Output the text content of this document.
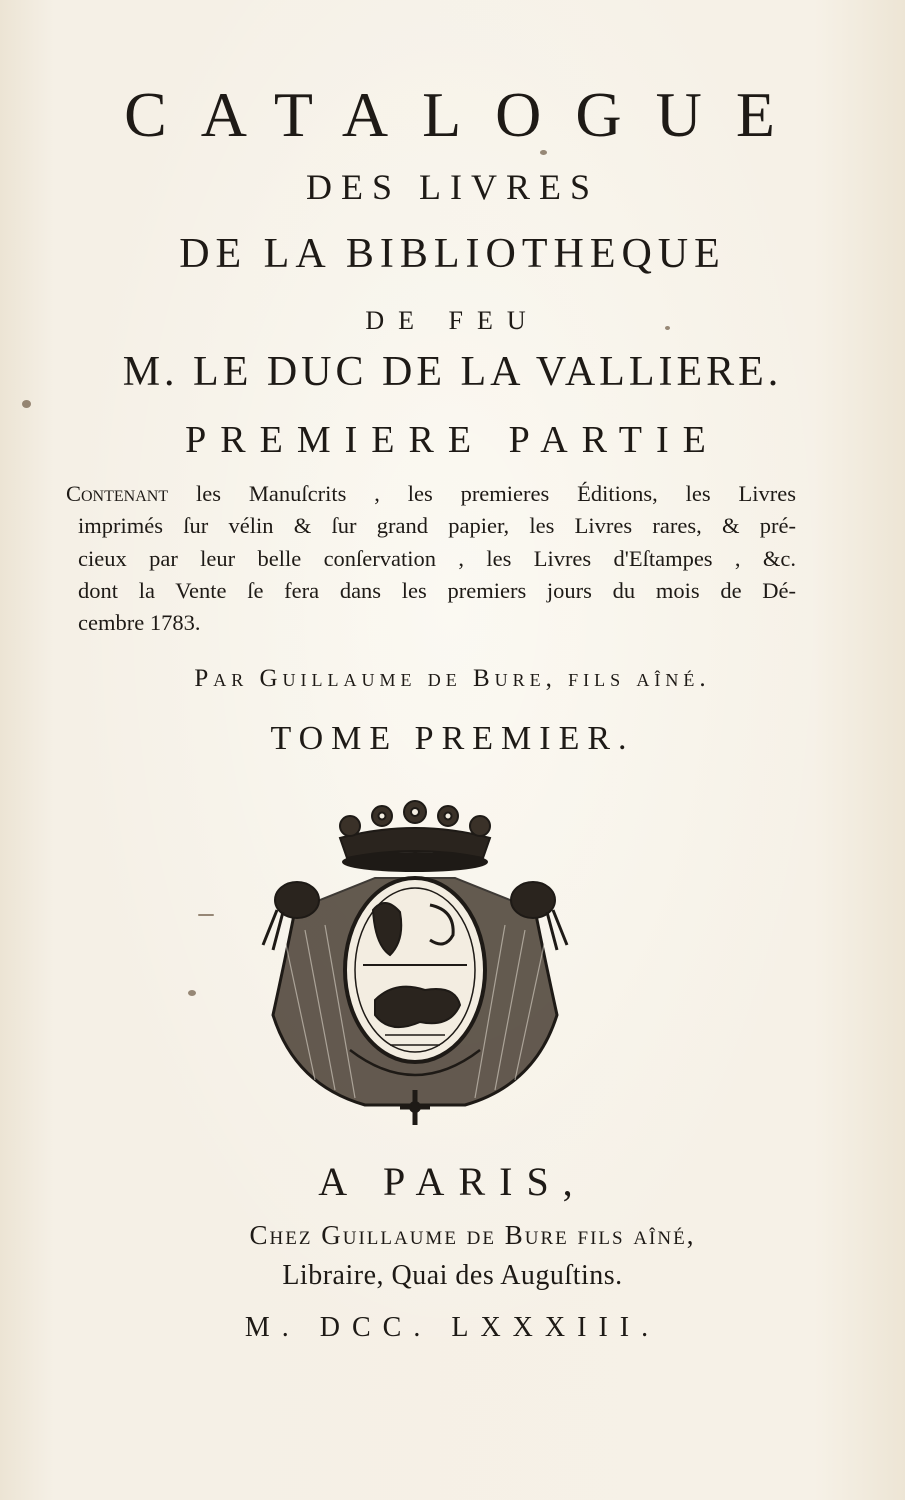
CATALOGUE
DES LIVRES
DE LA BIBLIOTHEQUE
DE FEU
M. LE DUC DE LA VALLIERE.
PREMIERE PARTIE
Contenant les Manuſcrits , les premieres Éditions, les Livres
imprimés ſur vélin & ſur grand papier, les Livres rares, & pré-
cieux par leur belle conſervation , les Livres d'Eſtampes , &c.
dont la Vente ſe fera dans les premiers jours du mois de Dé-
cembre 1783.
Par Guillaume de Bure, fils aîné.
TOME PREMIER.
A PARIS,
Chez Guillaume de Bure fils aîné,
Libraire, Quai des Auguſtins.
M. DCC. LXXXIII.
